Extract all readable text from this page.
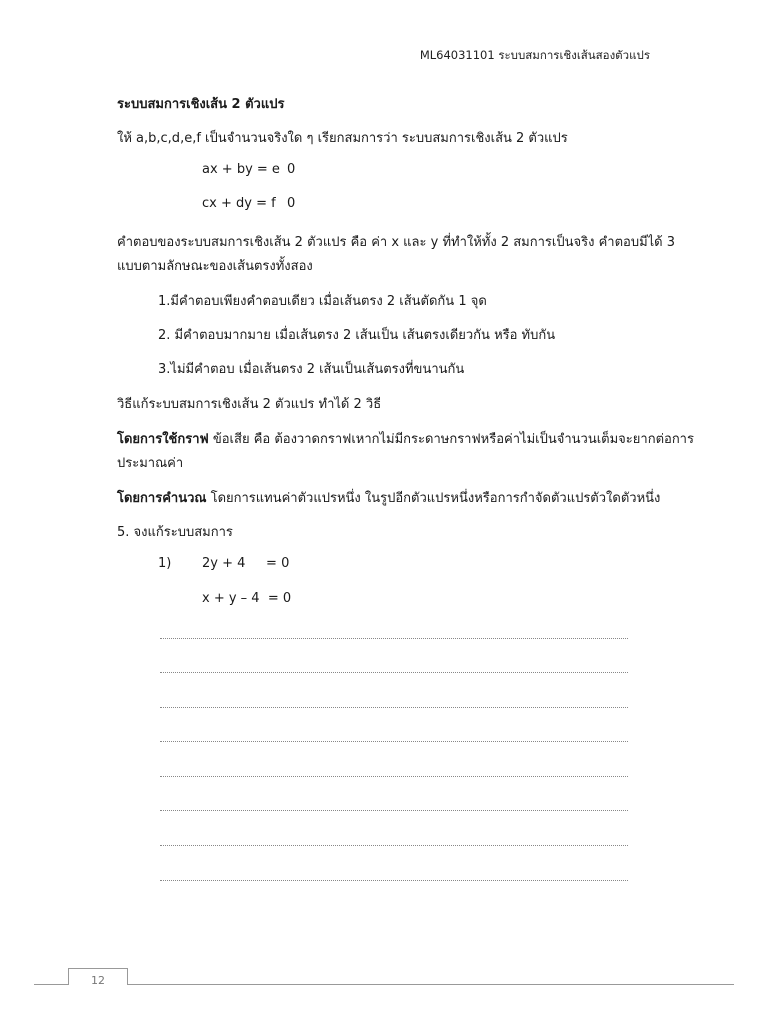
ML64031101 ระบบสมการเชิงเส้นสองตัวแปร
ระบบสมการเชิงเส้น 2 ตัวแปร
ให้ a,b,c,d,e,f เป็นจำนวนจริงใด ๆ เรียกสมการว่า ระบบสมการเชิงเส้น 2 ตัวแปร
ax + by = e 0
cx + dy = f 0
คำตอบของระบบสมการเชิงเส้น 2 ตัวแปร คือ ค่า x และ y ที่ทำให้ทั้ง 2 สมการเป็นจริง คำตอบมีได้ 3
แบบตามลักษณะของเส้นตรงทั้งสอง
1.มีคำตอบเพียงคำตอบเดียว เมื่อเส้นตรง 2 เส้นตัดกัน 1 จุด
2. มีคำตอบมากมาย เมื่อเส้นตรง 2 เส้นเป็น เส้นตรงเดียวกัน หรือ ทับกัน
3.ไม่มีคำตอบ เมื่อเส้นตรง 2 เส้นเป็นเส้นตรงที่ขนานกัน
วิธีแก้ระบบสมการเชิงเส้น 2 ตัวแปร ทำได้ 2 วิธี
โดยการใช้กราฟ ข้อเสีย คือ ต้องวาดกราฟเหากไม่มีกระดาษกราฟหรือค่าไม่เป็นจำนวนเต็มจะยากต่อการ
ประมาณค่า
โดยการคำนวณ โดยการแทนค่าตัวแปรหนึ่ง ในรูปอีกตัวแปรหนึ่งหรือการกำจัดตัวแปรตัวใดตัวหนึ่ง
5. จงแก้ระบบสมการ
1) 2y + 4     = 0
x + y – 4  = 0
12
